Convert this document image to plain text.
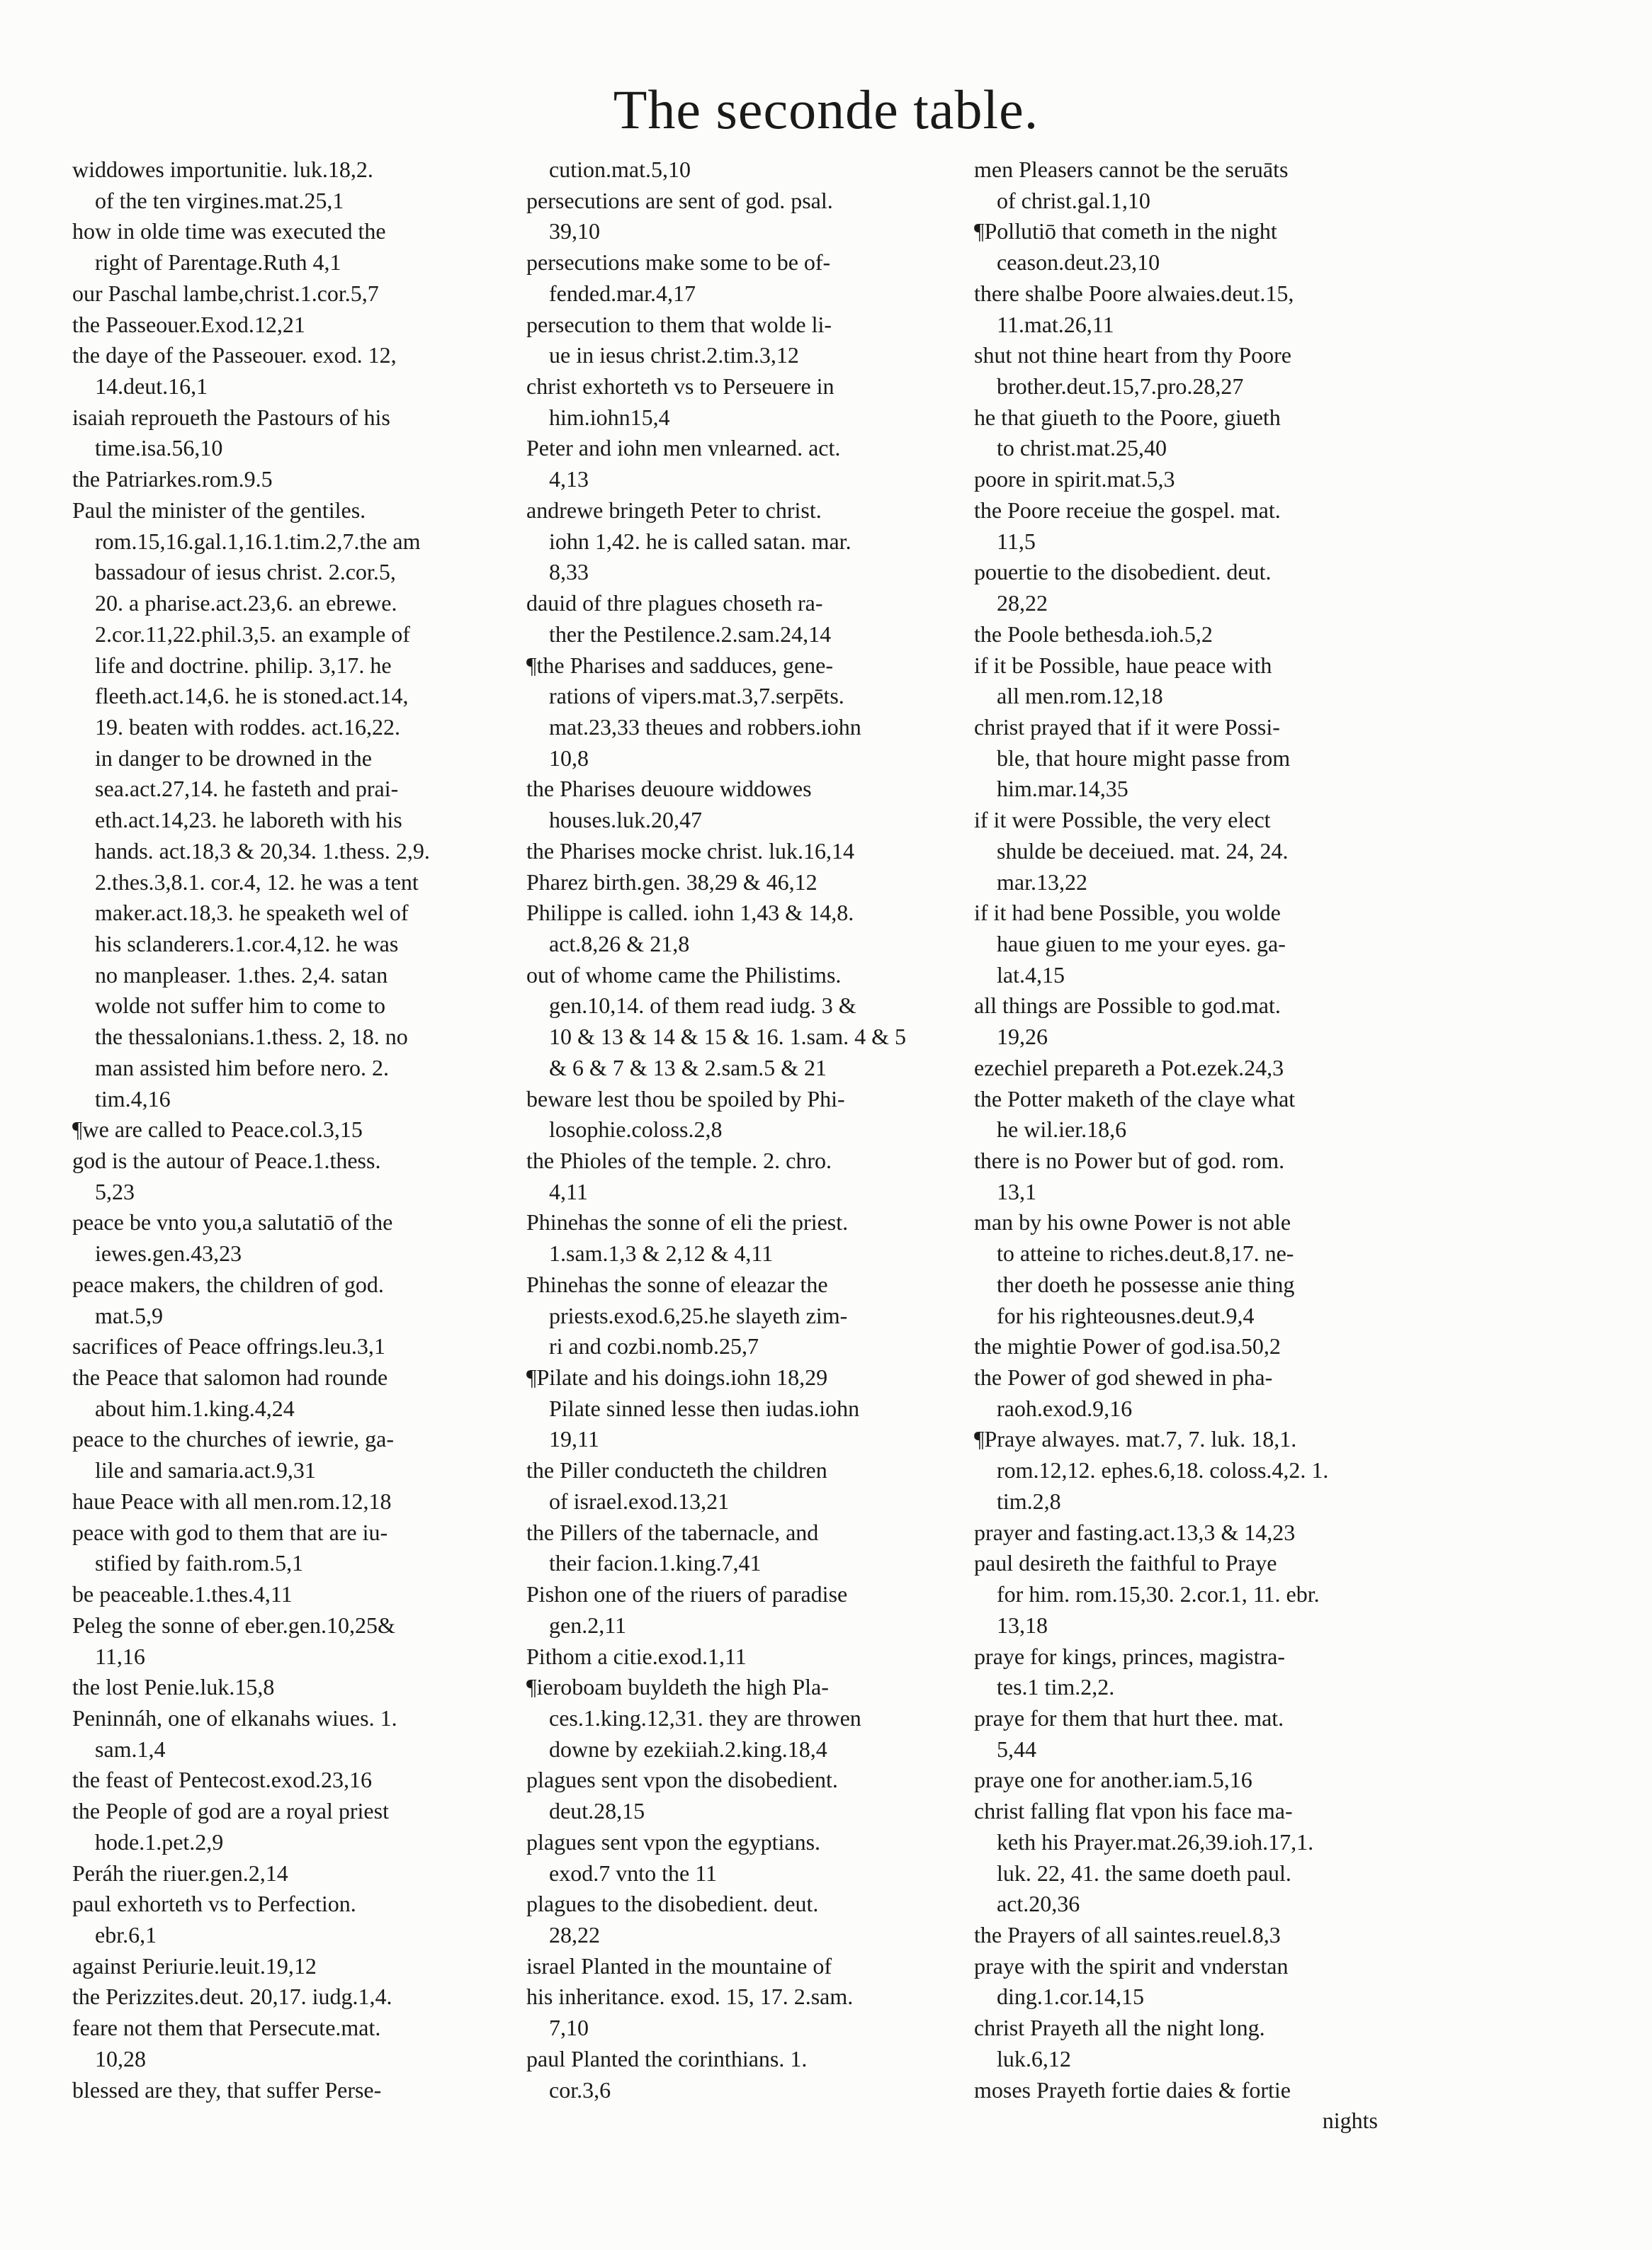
The seconde table.
widdowes importunitie. luk.18,2.
of the ten virgines.mat.25,1
how in olde time was executed the
right of Parentage.Ruth 4,1
our Paschal lambe,christ.1.cor.5,7
the Passeouer.Exod.12,21
the daye of the Passeouer. exod. 12,
14.deut.16,1
isaiah reproueth the Pastours of his
time.isa.56,10
the Patriarkes.rom.9.5
Paul the minister of the gentiles.
rom.15,16.gal.1,16.1.tim.2,7.the am
bassadour of iesus christ. 2.cor.5,
20. a pharise.act.23,6. an ebrewe.
2.cor.11,22.phil.3,5. an example of
life and doctrine. philip. 3,17. he
fleeth.act.14,6. he is stoned.act.14,
19. beaten with roddes. act.16,22.
in danger to be drowned in the
sea.act.27,14. he fasteth and prai-
eth.act.14,23. he laboreth with his
hands. act.18,3 & 20,34. 1.thess. 2,9.
2.thes.3,8.1. cor.4, 12. he was a tent
maker.act.18,3. he speaketh wel of
his sclanderers.1.cor.4,12. he was
no manpleaser. 1.thes. 2,4. satan
wolde not suffer him to come to
the thessalonians.1.thess. 2, 18. no
man assisted him before nero. 2.
tim.4,16
¶we are called to Peace.col.3,15
god is the autour of Peace.1.thess.
5,23
peace be vnto you,a salutatiō of the
iewes.gen.43,23
peace makers, the children of god.
mat.5,9
sacrifices of Peace offrings.leu.3,1
the Peace that salomon had rounde
about him.1.king.4,24
peace to the churches of iewrie, ga-
lile and samaria.act.9,31
haue Peace with all men.rom.12,18
peace with god to them that are iu-
stified by faith.rom.5,1
be peaceable.1.thes.4,11
Peleg the sonne of eber.gen.10,25&
11,16
the lost Penie.luk.15,8
Peninnáh, one of elkanahs wiues. 1.
sam.1,4
the feast of Pentecost.exod.23,16
the People of god are a royal priest
hode.1.pet.2,9
Peráh the riuer.gen.2,14
paul exhorteth vs to Perfection.
ebr.6,1
against Periurie.leuit.19,12
the Perizzites.deut. 20,17. iudg.1,4.
feare not them that Persecute.mat.
10,28
blessed are they, that suffer Perse-
cution.mat.5,10
persecutions are sent of god. psal.
39,10
persecutions make some to be of-
fended.mar.4,17
persecution to them that wolde li-
ue in iesus christ.2.tim.3,12
christ exhorteth vs to Perseuere in
him.iohn15,4
Peter and iohn men vnlearned. act.
4,13
andrewe bringeth Peter to christ.
iohn 1,42. he is called satan. mar.
8,33
dauid of thre plagues choseth ra-
ther the Pestilence.2.sam.24,14
¶the Pharises and sadduces, gene-
rations of vipers.mat.3,7.serpēts.
mat.23,33 theues and robbers.iohn
10,8
the Pharises deuoure widdowes
houses.luk.20,47
the Pharises mocke christ. luk.16,14
Pharez birth.gen. 38,29 & 46,12
Philippe is called. iohn 1,43 & 14,8.
act.8,26 & 21,8
out of whome came the Philistims.
gen.10,14. of them read iudg. 3 &
10 & 13 & 14 & 15 & 16. 1.sam. 4 & 5
& 6 & 7 & 13 & 2.sam.5 & 21
beware lest thou be spoiled by Phi-
losophie.coloss.2,8
the Phioles of the temple. 2. chro.
4,11
Phinehas the sonne of eli the priest.
1.sam.1,3 & 2,12 & 4,11
Phinehas the sonne of eleazar the
priests.exod.6,25.he slayeth zim-
ri and cozbi.nomb.25,7
¶Pilate and his doings.iohn 18,29
Pilate sinned lesse then iudas.iohn
19,11
the Piller conducteth the children
of israel.exod.13,21
the Pillers of the tabernacle, and
their facion.1.king.7,41
Pishon one of the riuers of paradise
gen.2,11
Pithom a citie.exod.1,11
¶ieroboam buyldeth the high Pla-
ces.1.king.12,31. they are throwen
downe by ezekiiah.2.king.18,4
plagues sent vpon the disobedient.
deut.28,15
plagues sent vpon the egyptians.
exod.7 vnto the 11
plagues to the disobedient. deut.
28,22
israel Planted in the mountaine of
his inheritance. exod. 15, 17. 2.sam.
7,10
paul Planted the corinthians. 1.
cor.3,6
men Pleasers cannot be the seruāts
of christ.gal.1,10
¶Pollutiō that cometh in the night
ceason.deut.23,10
there shalbe Poore alwaies.deut.15,
11.mat.26,11
shut not thine heart from thy Poore
brother.deut.15,7.pro.28,27
he that giueth to the Poore, giueth
to christ.mat.25,40
poore in spirit.mat.5,3
the Poore receiue the gospel. mat.
11,5
pouertie to the disobedient. deut.
28,22
the Poole bethesda.ioh.5,2
if it be Possible, haue peace with
all men.rom.12,18
christ prayed that if it were Possi-
ble, that houre might passe from
him.mar.14,35
if it were Possible, the very elect
shulde be deceiued. mat. 24, 24.
mar.13,22
if it had bene Possible, you wolde
haue giuen to me your eyes. ga-
lat.4,15
all things are Possible to god.mat.
19,26
ezechiel prepareth a Pot.ezek.24,3
the Potter maketh of the claye what
he wil.ier.18,6
there is no Power but of god. rom.
13,1
man by his owne Power is not able
to atteine to riches.deut.8,17. ne-
ther doeth he possesse anie thing
for his righteousnes.deut.9,4
the mightie Power of god.isa.50,2
the Power of god shewed in pha-
raoh.exod.9,16
¶Praye alwayes. mat.7, 7. luk. 18,1.
rom.12,12. ephes.6,18. coloss.4,2. 1.
tim.2,8
prayer and fasting.act.13,3 & 14,23
paul desireth the faithful to Praye
for him. rom.15,30. 2.cor.1, 11. ebr.
13,18
praye for kings, princes, magistra-
tes.1 tim.2,2.
praye for them that hurt thee. mat.
5,44
praye one for another.iam.5,16
christ falling flat vpon his face ma-
keth his Prayer.mat.26,39.ioh.17,1.
luk. 22, 41. the same doeth paul.
act.20,36
the Prayers of all saintes.reuel.8,3
praye with the spirit and vnderstan
ding.1.cor.14,15
christ Prayeth all the night long.
luk.6,12
moses Prayeth fortie daies & fortie
nights
